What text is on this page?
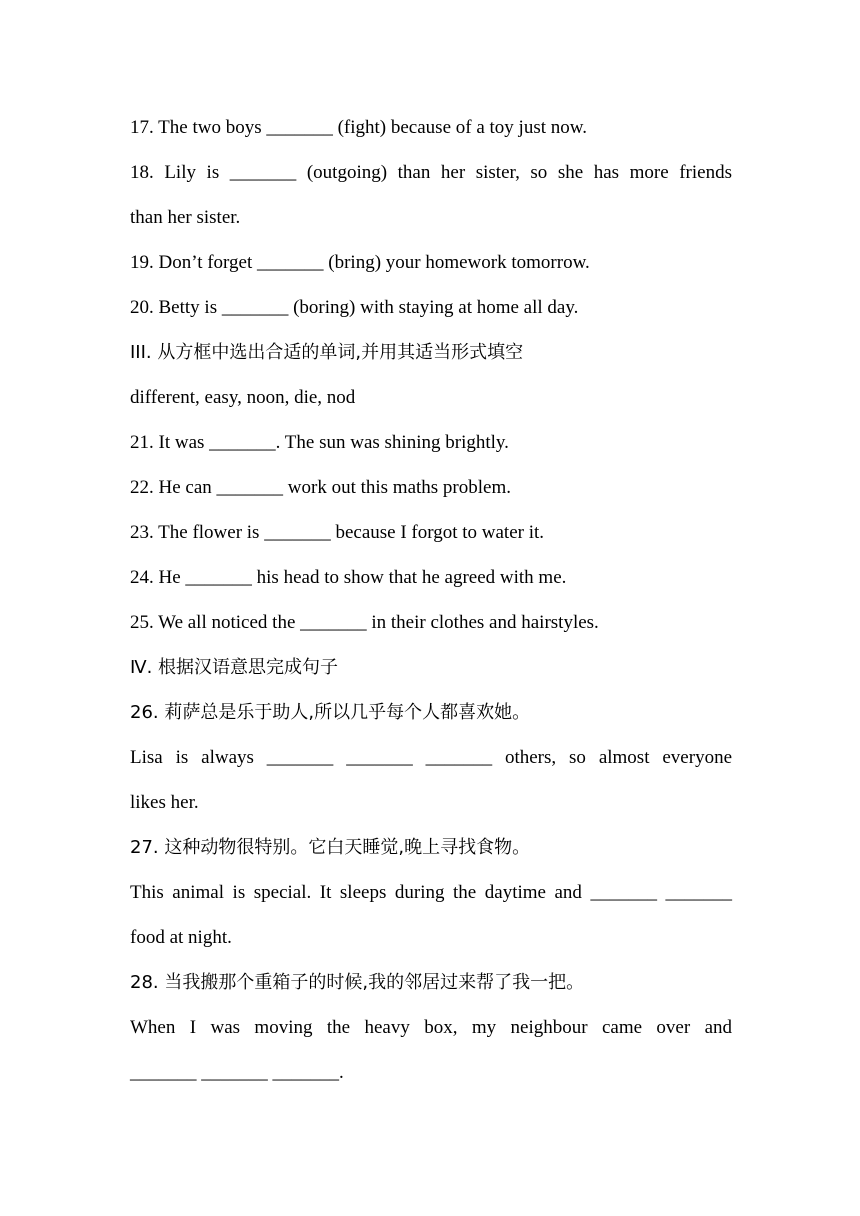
17. The two boys _______ (fight) because of a toy just now.
18. Lily is _______ (outgoing) than her sister, so she has more friends
than her sister.
19. Don’t forget _______ (bring) your homework tomorrow.
20. Betty is _______ (boring) with staying at home all day.
III. 从方框中选出合适的单词,并用其适当形式填空
different, easy, noon, die, nod
21. It was _______. The sun was shining brightly.
22. He can _______ work out this maths problem.
23. The flower is _______ because I forgot to water it.
24. He _______ his head to show that he agreed with me.
25. We all noticed the _______ in their clothes and hairstyles.
Ⅳ. 根据汉语意思完成句子
26. 莉萨总是乐于助人,所以几乎每个人都喜欢她。
Lisa is always _______ _______ _______ others, so almost everyone
likes her.
27. 这种动物很特别。它白天睡觉,晚上寻找食物。
This animal is special. It sleeps during the daytime and _______ _______
food at night.
28. 当我搬那个重箱子的时候,我的邻居过来帮了我一把。
When I was moving the heavy box, my neighbour came over and
_______ _______ _______.
